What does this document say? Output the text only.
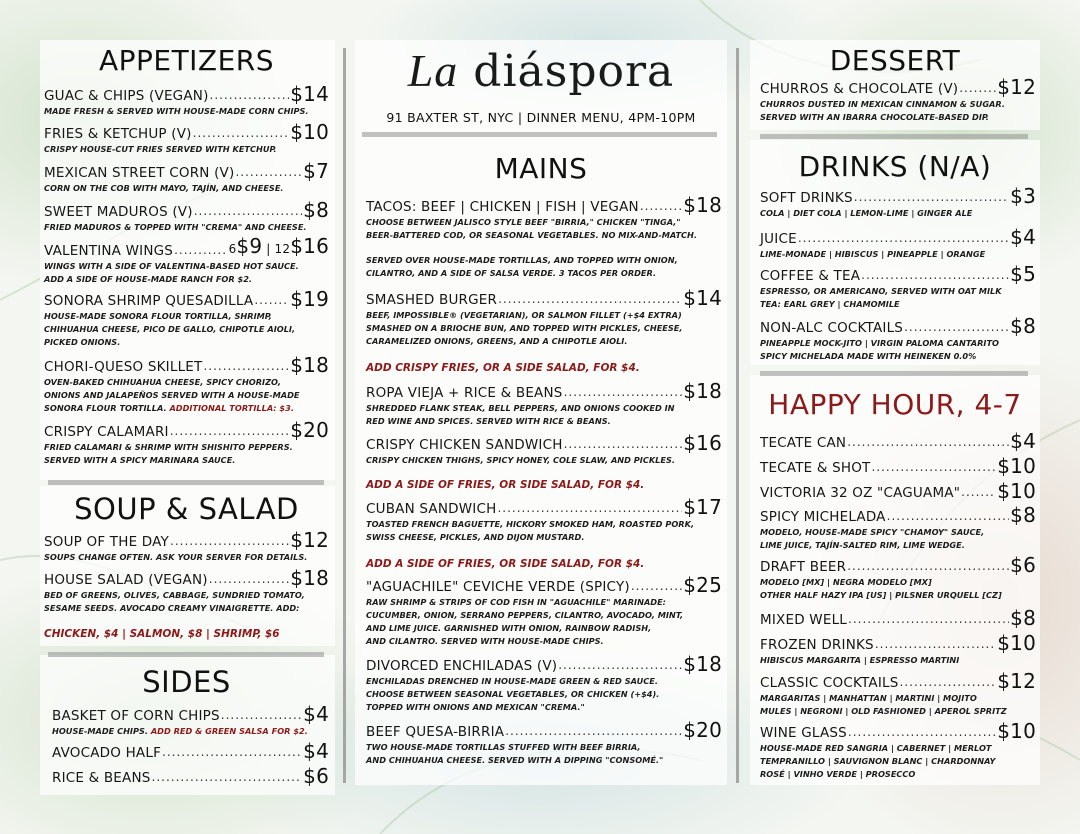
APPETIZERS
GUAC & CHIPS (VEGAN) .....	$14
MADE FRESH & SERVED WITH HOUSE-MADE CORN CHIPS.
FRIES & KETCHUP (V) .....	$10
CRISPY HOUSE-CUT FRIES SERVED WITH KETCHUP.
MEXICAN STREET CORN (V) .....	$7
CORN ON THE COB WITH MAYO, TAJÍN, AND CHEESE.
SWEET MADUROS (V) .....	$8
FRIED MADUROS & TOPPED WITH "CREMA" AND CHEESE.
VALENTINA WINGS .....	6$9 | 12$16
WINGS WITH A SIDE OF VALENTINA-BASED HOT SAUCE.
ADD A SIDE OF HOUSE-MADE RANCH FOR $2.
SONORA SHRIMP QUESADILLA ..... $19
HOUSE-MADE SONORA FLOUR TORTILLA, SHRIMP,
CHIHUAHUA CHEESE, PICO DE GALLO, CHIPOTLE AIOLI,
PICKED ONIONS.
CHORI-QUESO SKILLET .....	$18
OVEN-BAKED CHIHUAHUA CHEESE, SPICY CHORIZO,
ONIONS AND JALAPEÑOS SERVED WITH A HOUSE-MADE
SONORA FLOUR TORTILLA. ADDITIONAL TORTILLA: $3.
CRISPY CALAMARI .....	$20
FRIED CALAMARI & SHRIMP WITH SHISHITO PEPPERS.
SERVED WITH A SPICY MARINARA SAUCE.
SOUP & SALAD
SOUP OF THE DAY .....	$12
SOUPS CHANGE OFTEN. ASK YOUR SERVER FOR DETAILS.
HOUSE SALAD (VEGAN) .....	$18
BED OF GREENS, OLIVES, CABBAGE, SUNDRIED TOMATO,
SESAME SEEDS. AVOCADO CREAMY VINAIGRETTE. ADD:
CHICKEN, $4 | SALMON, $8 | SHRIMP, $6
SIDES
BASKET OF CORN CHIPS .....	$4
HOUSE-MADE CHIPS. ADD RED & GREEN SALSA FOR $2.
AVOCADO HALF .....	$4
RICE & BEANS .....	$6
La diáspora
91 BAXTER ST, NYC | DINNER MENU, 4PM-10PM
MAINS
TACOS: BEEF | CHICKEN | FISH | VEGAN ..... $18
CHOOSE BETWEEN JALISCO STYLE BEEF "BIRRIA," CHICKEN "TINGA,"
BEER-BATTERED COD, OR SEASONAL VEGETABLES. NO MIX-AND-MATCH.
SERVED OVER HOUSE-MADE TORTILLAS, AND TOPPED WITH ONION,
CILANTRO, AND A SIDE OF SALSA VERDE. 3 TACOS PER ORDER.
SMASHED BURGER .....	$14
BEEF, IMPOSSIBLE® (VEGETARIAN), OR SALMON FILLET (+$4 EXTRA)
SMASHED ON A BRIOCHE BUN, AND TOPPED WITH PICKLES, CHEESE,
CARAMELIZED ONIONS, GREENS, AND A CHIPOTLE AIOLI.
ADD CRISPY FRIES, OR A SIDE SALAD, FOR $4.
ROPA VIEJA + RICE & BEANS .....	$18
SHREDDED FLANK STEAK, BELL PEPPERS, AND ONIONS COOKED IN
RED WINE AND SPICES. SERVED WITH RICE & BEANS.
CRISPY CHICKEN SANDWICH .....	$16
CRISPY CHICKEN THIGHS, SPICY HONEY, COLE SLAW, AND PICKLES.
ADD A SIDE OF FRIES, OR SIDE SALAD, FOR $4.
CUBAN SANDWICH .....	$17
TOASTED FRENCH BAGUETTE, HICKORY SMOKED HAM, ROASTED PORK,
SWISS CHEESE, PICKLES, AND DIJON MUSTARD.
ADD A SIDE OF FRIES, OR SIDE SALAD, FOR $4.
"AGUACHILE" CEVICHE VERDE (SPICY) .....	$25
RAW SHRIMP & STRIPS OF COD FISH IN "AGUACHILE" MARINADE:
CUCUMBER, ONION, SERRANO PEPPERS, CILANTRO, AVOCADO, MINT,
AND LIME JUICE. GARNISHED WITH ONION, RAINBOW RADISH,
AND CILANTRO. SERVED WITH HOUSE-MADE CHIPS.
DIVORCED ENCHILADAS (V) .....	$18
ENCHILADAS DRENCHED IN HOUSE-MADE GREEN & RED SAUCE.
CHOOSE BETWEEN SEASONAL VEGETABLES, OR CHICKEN (+$4).
TOPPED WITH ONIONS AND MEXICAN "CREMA."
BEEF QUESA-BIRRIA .....	$20
TWO HOUSE-MADE TORTILLAS STUFFED WITH BEEF BIRRIA,
AND CHIHUAHUA CHEESE. SERVED WITH A DIPPING "CONSOMÉ."
DESSERT
CHURROS & CHOCOLATE (V) ..... $12
CHURROS DUSTED IN MEXICAN CINNAMON & SUGAR.
SERVED WITH AN IBARRA CHOCOLATE-BASED DIP.
DRINKS (N/A)
SOFT DRINKS .....	$3
COLA | DIET COLA | LEMON-LIME | GINGER ALE
JUICE .....	$4
LIME-MONADE | HIBISCUS | PINEAPPLE | ORANGE
COFFEE & TEA .....	$5
ESPRESSO, OR AMERICANO, SERVED WITH OAT MILK
TEA: EARL GREY | CHAMOMILE
NON-ALC COCKTAILS .....	$8
PINEAPPLE MOCK-JITO | VIRGIN PALOMA CANTARITO
SPICY MICHELADA MADE WITH HEINEKEN 0.0%
HAPPY HOUR, 4-7
TECATE CAN .....	$4
TECATE & SHOT .....	$10
VICTORIA 32 OZ "CAGUAMA" ..... $10
SPICY MICHELADA .....	$8
MODELO, HOUSE-MADE SPICY "CHAMOY" SAUCE,
LIME JUICE, TAJÍN-SALTED RIM, LIME WEDGE.
DRAFT BEER .....	$6
MODELO [MX] | NEGRA MODELO [MX]
OTHER HALF HAZY IPA [US] | PILSNER URQUELL [CZ]
MIXED WELL .....	$8
FROZEN DRINKS .....	$10
HIBISCUS MARGARITA | ESPRESSO MARTINI
CLASSIC COCKTAILS .....	$12
MARGARITAS | MANHATTAN | MARTINI | MOJITO
MULES | NEGRONI | OLD FASHIONED | APEROL SPRITZ
WINE GLASS .....	$10
HOUSE-MADE RED SANGRIA | CABERNET | MERLOT
TEMPRANILLO | SAUVIGNON BLANC | CHARDONNAY
ROSÉ | VINHO VERDE | PROSECCO
